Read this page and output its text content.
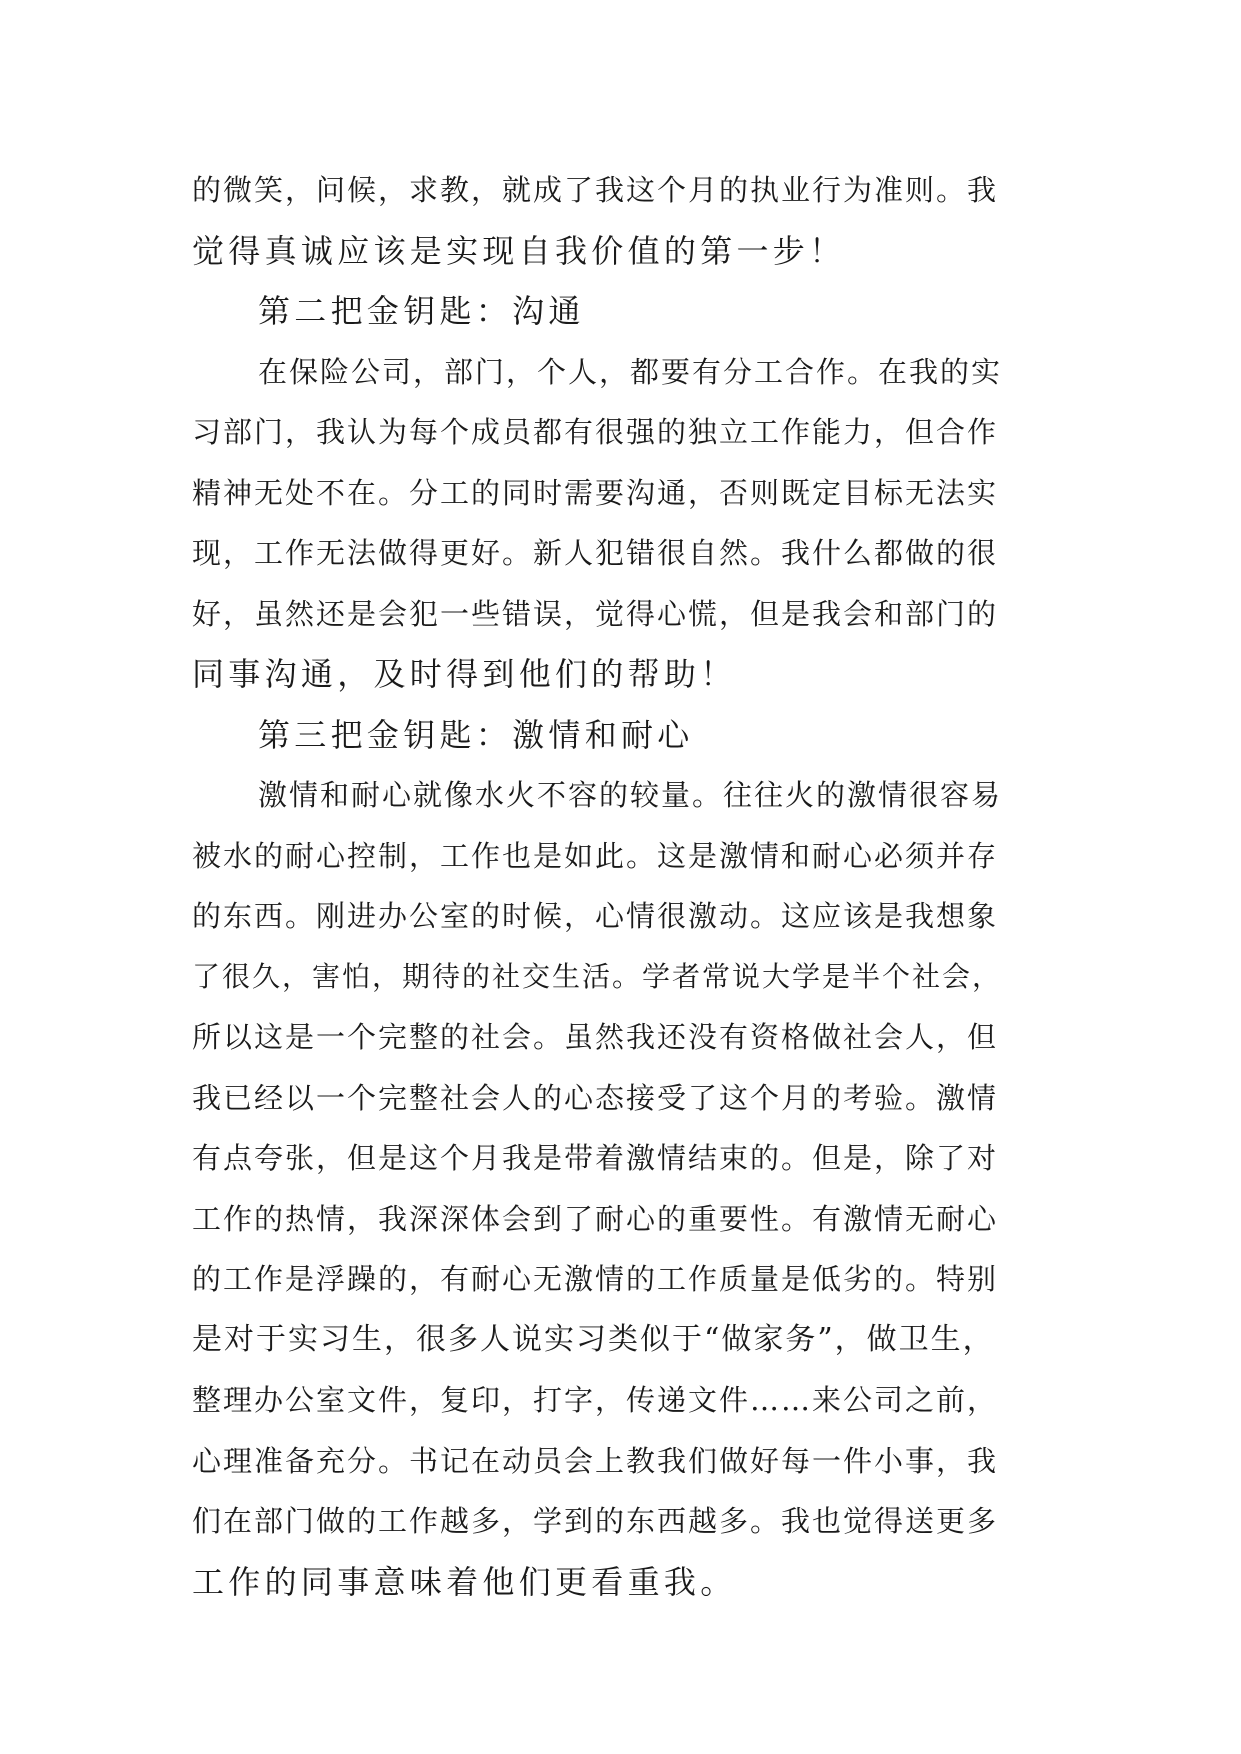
的微笑，问候，求教，就成了我这个月的执业行为准则。我
觉得真诚应该是实现自我价值的第一步！
第二把金钥匙：沟通
在保险公司，部门，个人，都要有分工合作。在我的实
习部门，我认为每个成员都有很强的独立工作能力，但合作
精神无处不在。分工的同时需要沟通，否则既定目标无法实
现，工作无法做得更好。新人犯错很自然。我什么都做的很
好，虽然还是会犯一些错误，觉得心慌，但是我会和部门的
同事沟通，及时得到他们的帮助！
第三把金钥匙：激情和耐心
激情和耐心就像水火不容的较量。往往火的激情很容易
被水的耐心控制，工作也是如此。这是激情和耐心必须并存
的东西。刚进办公室的时候，心情很激动。这应该是我想象
了很久，害怕，期待的社交生活。学者常说大学是半个社会，
所以这是一个完整的社会。虽然我还没有资格做社会人，但
我已经以一个完整社会人的心态接受了这个月的考验。激情
有点夸张，但是这个月我是带着激情结束的。但是，除了对
工作的热情，我深深体会到了耐心的重要性。有激情无耐心
的工作是浮躁的，有耐心无激情的工作质量是低劣的。特别
是对于实习生，很多人说实习类似于“做家务”，做卫生，
整理办公室文件，复印，打字，传递文件……来公司之前，
心理准备充分。书记在动员会上教我们做好每一件小事，我
们在部门做的工作越多，学到的东西越多。我也觉得送更多
工作的同事意味着他们更看重我。
